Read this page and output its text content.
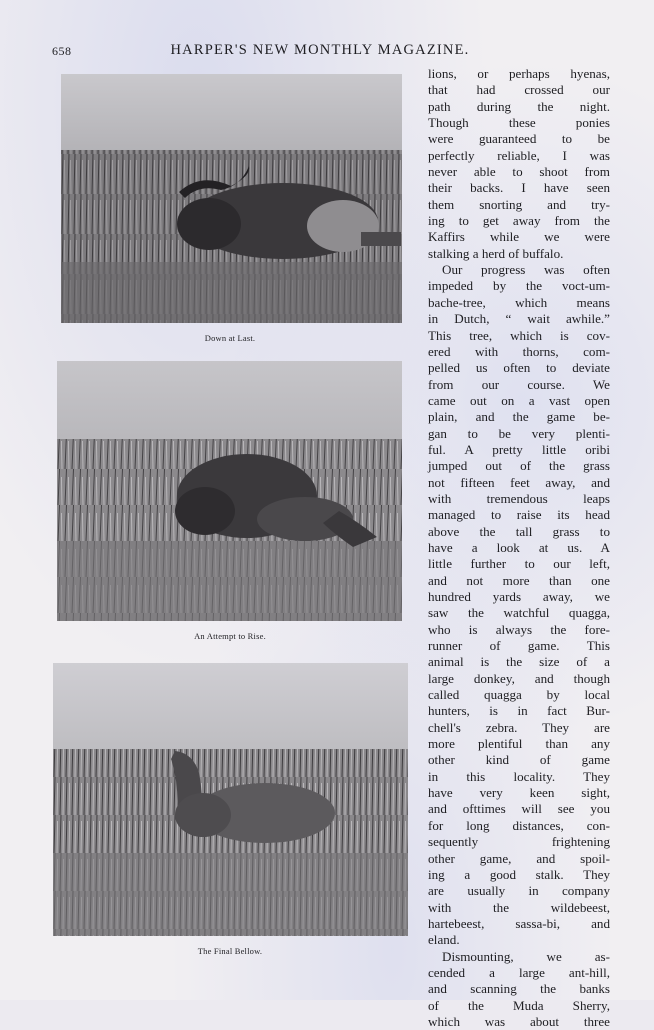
658	HARPER'S NEW MONTHLY MAGAZINE.
Down at Last.
An Attempt to Rise.
The Final Bellow.

lions, or perhaps hyenas,
that had crossed our
path during the night.
Though these ponies
were guaranteed to be
perfectly reliable, I was
never able to shoot from
their backs. I have seen
them snorting and try-
ing to get away from the
Kaffirs while we were
stalking a herd of buffalo.

Our progress was often
impeded by the voct-um-
bache-tree, which means
in Dutch, “ wait awhile.”
This tree, which is cov-
ered with thorns, com-
pelled us often to deviate
from our course. We
came out on a vast open
plain, and the game be-
gan to be very plenti-
ful. A pretty little oribi
jumped out of the grass
not fifteen feet away, and
with tremendous leaps
managed to raise its head
above the tall grass to
have a look at us. A
little further to our left,
and not more than one
hundred yards away, we
saw the watchful quagga,
who is always the fore-
runner of game. This
animal is the size of a
large donkey, and though
called quagga by local
hunters, is in fact Bur-
chell's zebra. They are
more plentiful than any
other kind of game
in this locality. They
have very keen sight,
and ofttimes will see you
for long distances, con-
sequently frightening
other game, and spoil-
ing a good stalk. They
are usually in company
with the wildebeest,
hartebeest, sassa-bi, and
eland.

Dismounting, we as-
cended a large ant-hill,
and scanning the banks
of the Muda Sherry,
which was about three
